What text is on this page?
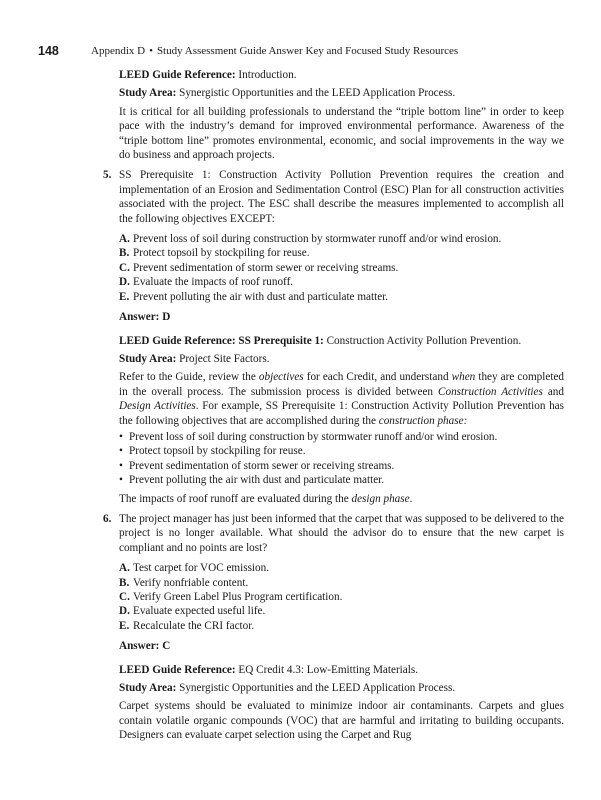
148	Appendix D • Study Assessment Guide Answer Key and Focused Study Resources

LEED Guide Reference: Introduction.

Study Area: Synergistic Opportunities and the LEED Application Process.

It is critical for all building professionals to understand the “triple bottom line” in order to keep pace with the industry’s demand for improved environmental performance. Awareness of the “triple bottom line” promotes environmental, economic, and social improvements in the way we do business and approach projects.

5. SS Prerequisite 1: Construction Activity Pollution Prevention requires the creation and implementation of an Erosion and Sedimentation Control (ESC) Plan for all construction activities associated with the project. The ESC shall describe the measures implemented to accomplish all the following objectives EXCEPT:
A. Prevent loss of soil during construction by stormwater runoff and/or wind erosion.
B. Protect topsoil by stockpiling for reuse.
C. Prevent sedimentation of storm sewer or receiving streams.
D. Evaluate the impacts of roof runoff.
E. Prevent polluting the air with dust and particulate matter.
Answer: D

LEED Guide Reference: SS Prerequisite 1: Construction Activity Pollution Prevention.

Study Area: Project Site Factors.

Refer to the Guide, review the objectives for each Credit, and understand when they are completed in the overall process. The submission process is divided between Construction Activities and Design Activities. For example, SS Prerequisite 1: Construction Activity Pollution Prevention has the following objectives that are accomplished during the construction phase:

• Prevent loss of soil during construction by stormwater runoff and/or wind erosion.
• Protect topsoil by stockpiling for reuse.
• Prevent sedimentation of storm sewer or receiving streams.
• Prevent polluting the air with dust and particulate matter.

The impacts of roof runoff are evaluated during the design phase.

6. The project manager has just been informed that the carpet that was supposed to be delivered to the project is no longer available. What should the advisor do to ensure that the new carpet is compliant and no points are lost?
A. Test carpet for VOC emission.
B. Verify nonfriable content.
C. Verify Green Label Plus Program certification.
D. Evaluate expected useful life.
E. Recalculate the CRI factor.
Answer: C

LEED Guide Reference: EQ Credit 4.3: Low-Emitting Materials.

Study Area: Synergistic Opportunities and the LEED Application Process.

Carpet systems should be evaluated to minimize indoor air contaminants. Carpets and glues contain volatile organic compounds (VOC) that are harmful and irritating to building occupants. Designers can evaluate carpet selection using the Carpet and Rug
